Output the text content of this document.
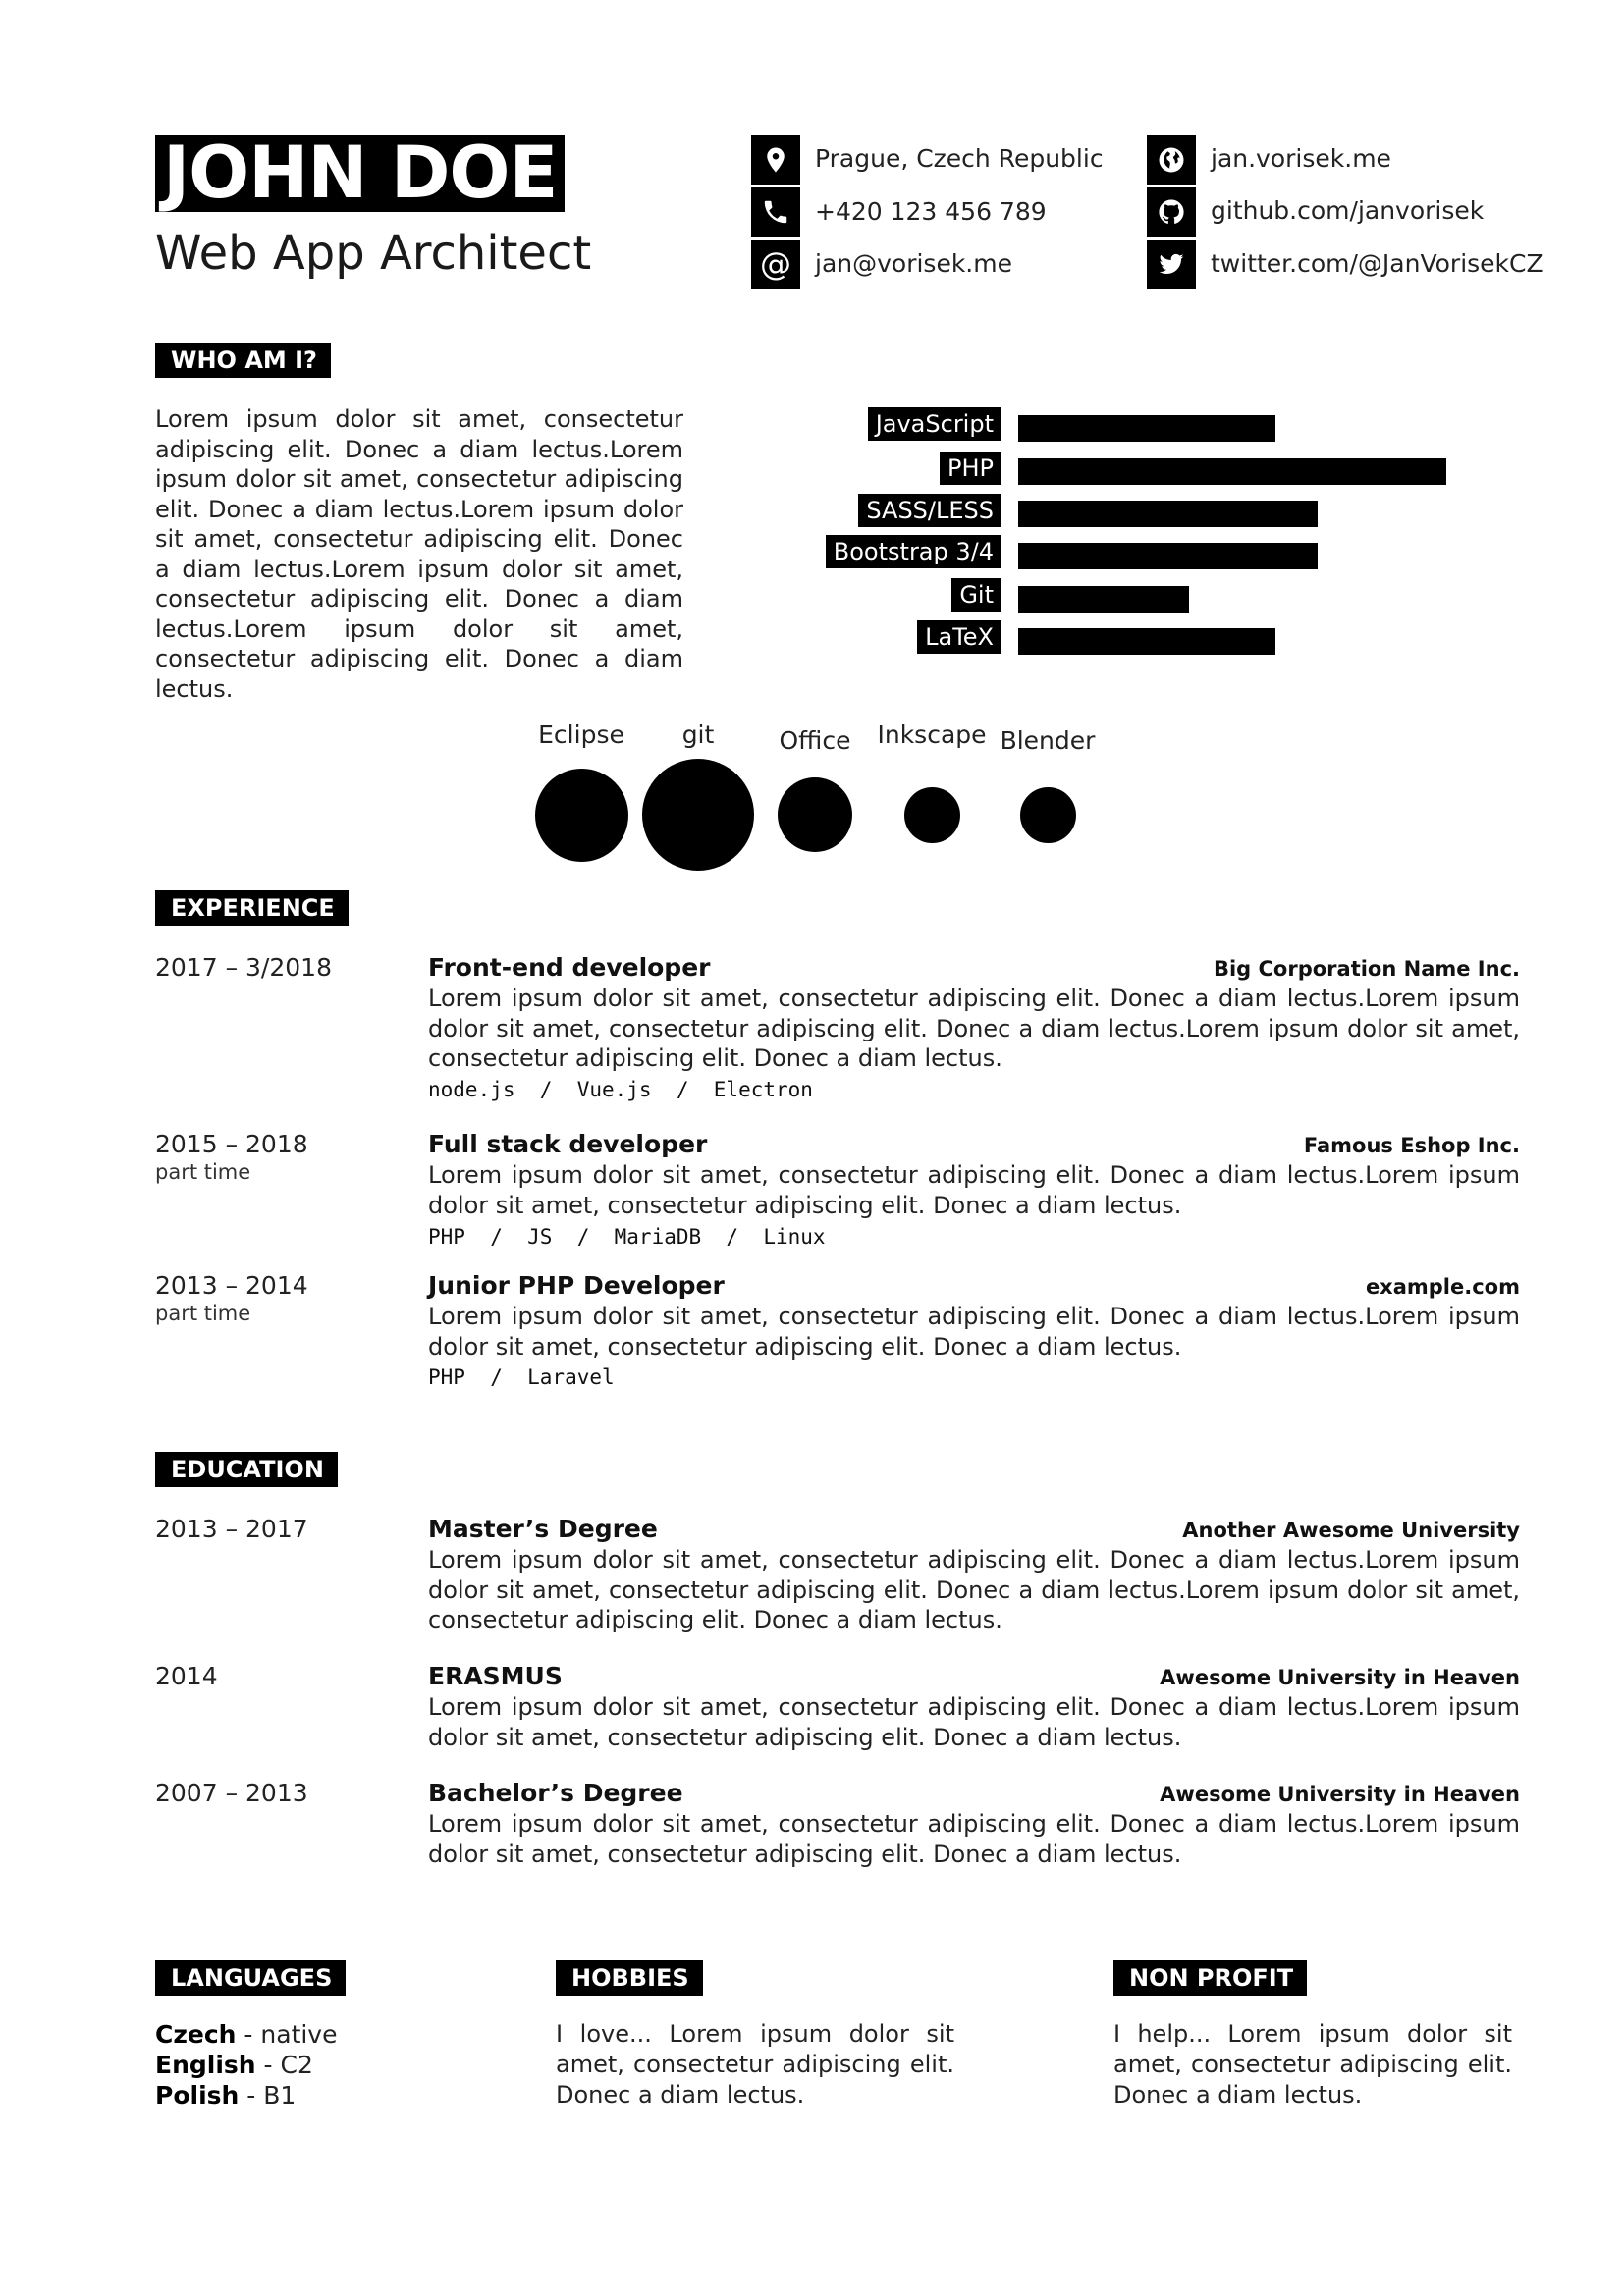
JOHN DOE
Web App Architect
Prague, Czech Republic
+420 123 456 789
@ jan@vorisek.me
jan.vorisek.me
github.com/janvorisek
twitter.com/@JanVorisekCZ
WHO AM I?
Lorem ipsum dolor sit amet, consectetur adipiscing elit. Donec a diam lectus.Lorem ipsum dolor sit amet, consectetur adipiscing elit. Donec a diam lectus.Lorem ipsum dolor sit amet, consectetur adipiscing elit. Donec a diam lectus.Lorem ipsum dolor sit amet, consectetur adipiscing elit. Donec a diam lectus.Lorem ipsum dolor sit amet, consectetur adipiscing elit. Donec a diam lectus.
JavaScript
PHP
SASS/LESS
Bootstrap 3/4
Git
LaTeX
Eclipse git	Office Inkscape Blender
EXPERIENCE
2017 – 3/2018	Front-end developer	Big Corporation Name Inc.
Lorem ipsum dolor sit amet, consectetur adipiscing elit. Donec a diam lectus.Lorem ipsum dolor sit amet, consectetur adipiscing elit. Donec a diam lectus.Lorem ipsum dolor sit amet, consectetur adipiscing elit. Donec a diam lectus.
node.js  /  Vue.js  /  Electron
2015 – 2018
part time
Full stack developer	Famous Eshop Inc.
Lorem ipsum dolor sit amet, consectetur adipiscing elit. Donec a diam lectus.Lorem ipsum dolor sit amet, consectetur adipiscing elit. Donec a diam lectus.
PHP  /  JS  /  MariaDB  /  Linux
2013 – 2014
part time
Junior PHP Developer	example.com
Lorem ipsum dolor sit amet, consectetur adipiscing elit. Donec a diam lectus.Lorem ipsum dolor sit amet, consectetur adipiscing elit. Donec a diam lectus.
PHP  /  Laravel
EDUCATION
2013 – 2017	Master’s Degree	Another Awesome University
Lorem ipsum dolor sit amet, consectetur adipiscing elit. Donec a diam lectus.Lorem ipsum dolor sit amet, consectetur adipiscing elit. Donec a diam lectus.Lorem ipsum dolor sit amet, consectetur adipiscing elit. Donec a diam lectus.
2014	ERASMUS	Awesome University in Heaven
Lorem ipsum dolor sit amet, consectetur adipiscing elit. Donec a diam lectus.Lorem ipsum dolor sit amet, consectetur adipiscing elit. Donec a diam lectus.
2007 – 2013	Bachelor’s Degree	Awesome University in Heaven
Lorem ipsum dolor sit amet, consectetur adipiscing elit. Donec a diam lectus.Lorem ipsum dolor sit amet, consectetur adipiscing elit. Donec a diam lectus.
LANGUAGES
Czech - native
English - C2
Polish - B1
HOBBIES
I love... Lorem ipsum dolor sit amet, consectetur adipiscing elit. Donec a diam lectus.
NON PROFIT
I help... Lorem ipsum dolor sit amet, consectetur adipiscing elit. Donec a diam lectus.
